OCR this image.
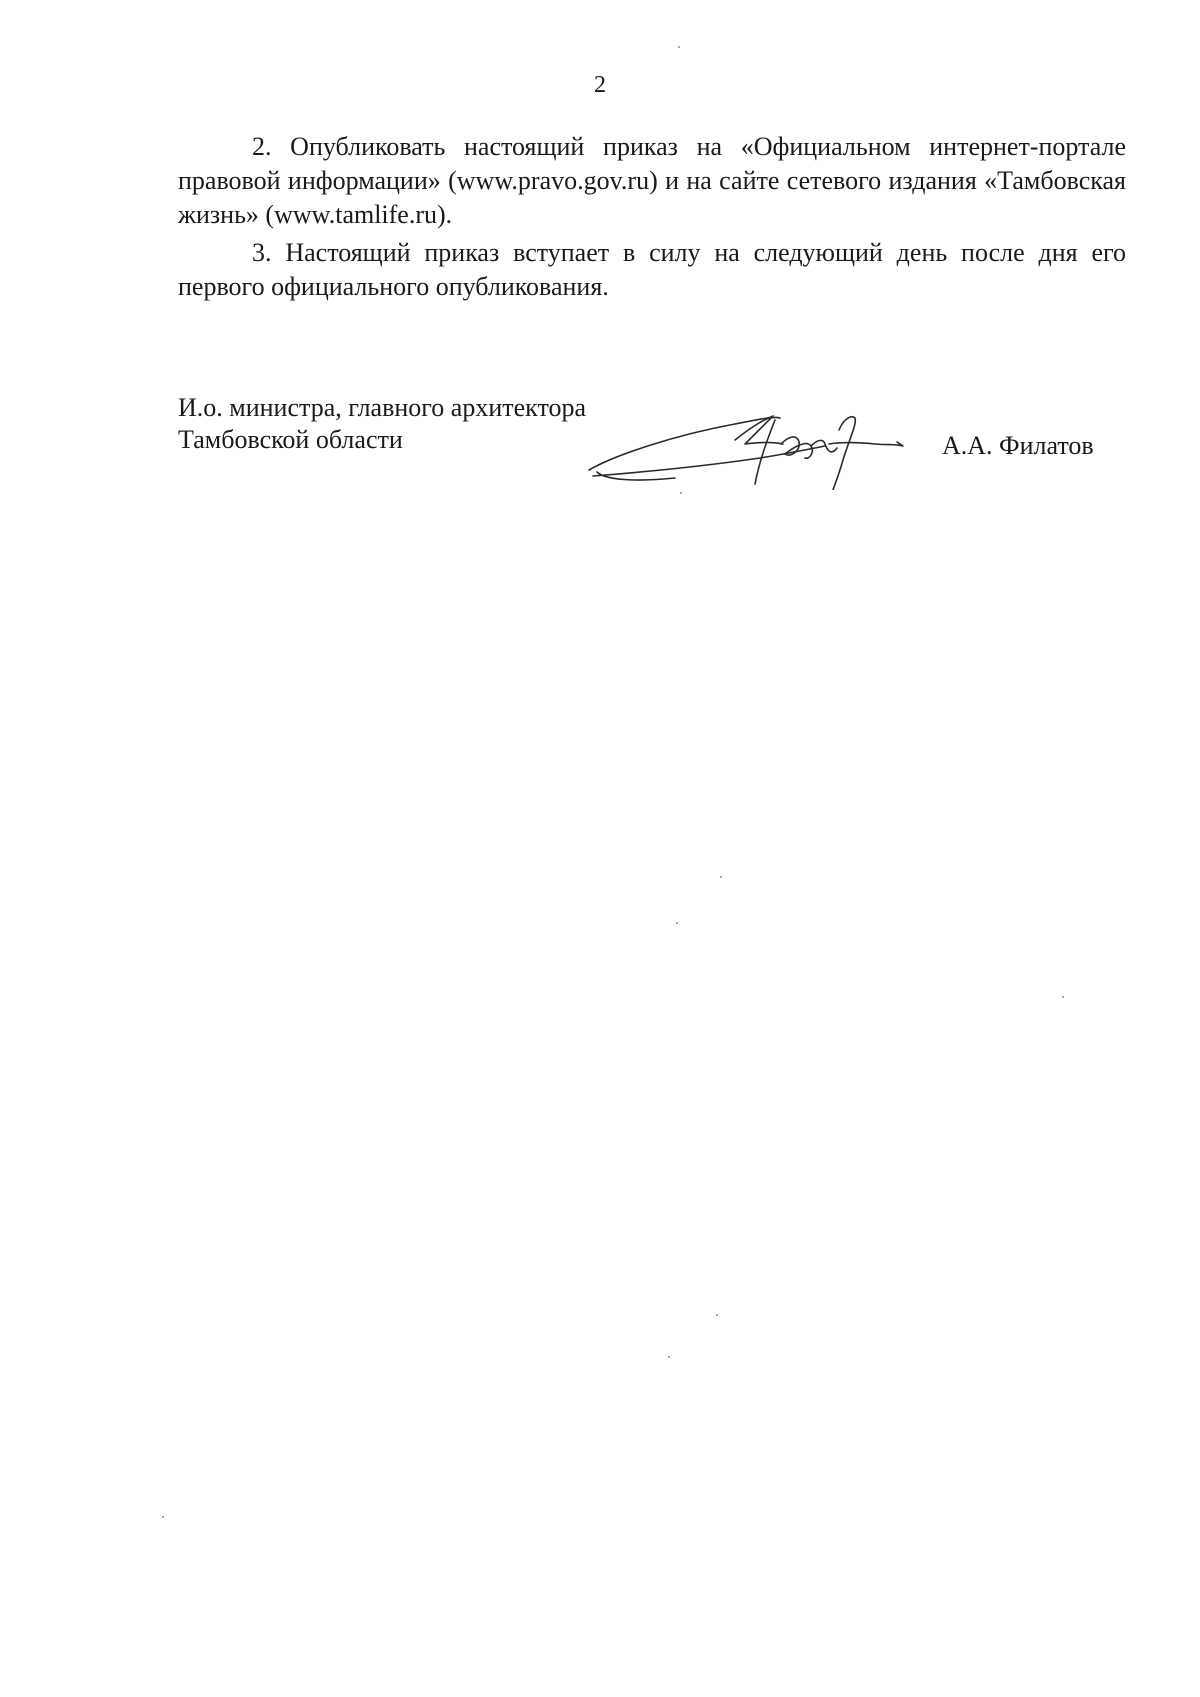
2

2. Опубликовать настоящий приказ на «Официальном интернет-портале правовой информации» (www.pravo.gov.ru) и на сайте сетевого издания «Тамбовская жизнь» (www.tamlife.ru).

3. Настоящий приказ вступает в силу на следующий день после дня его первого официального опубликования.

И.о. министра, главного архитектора
Тамбовской области	А.А. Филатов
